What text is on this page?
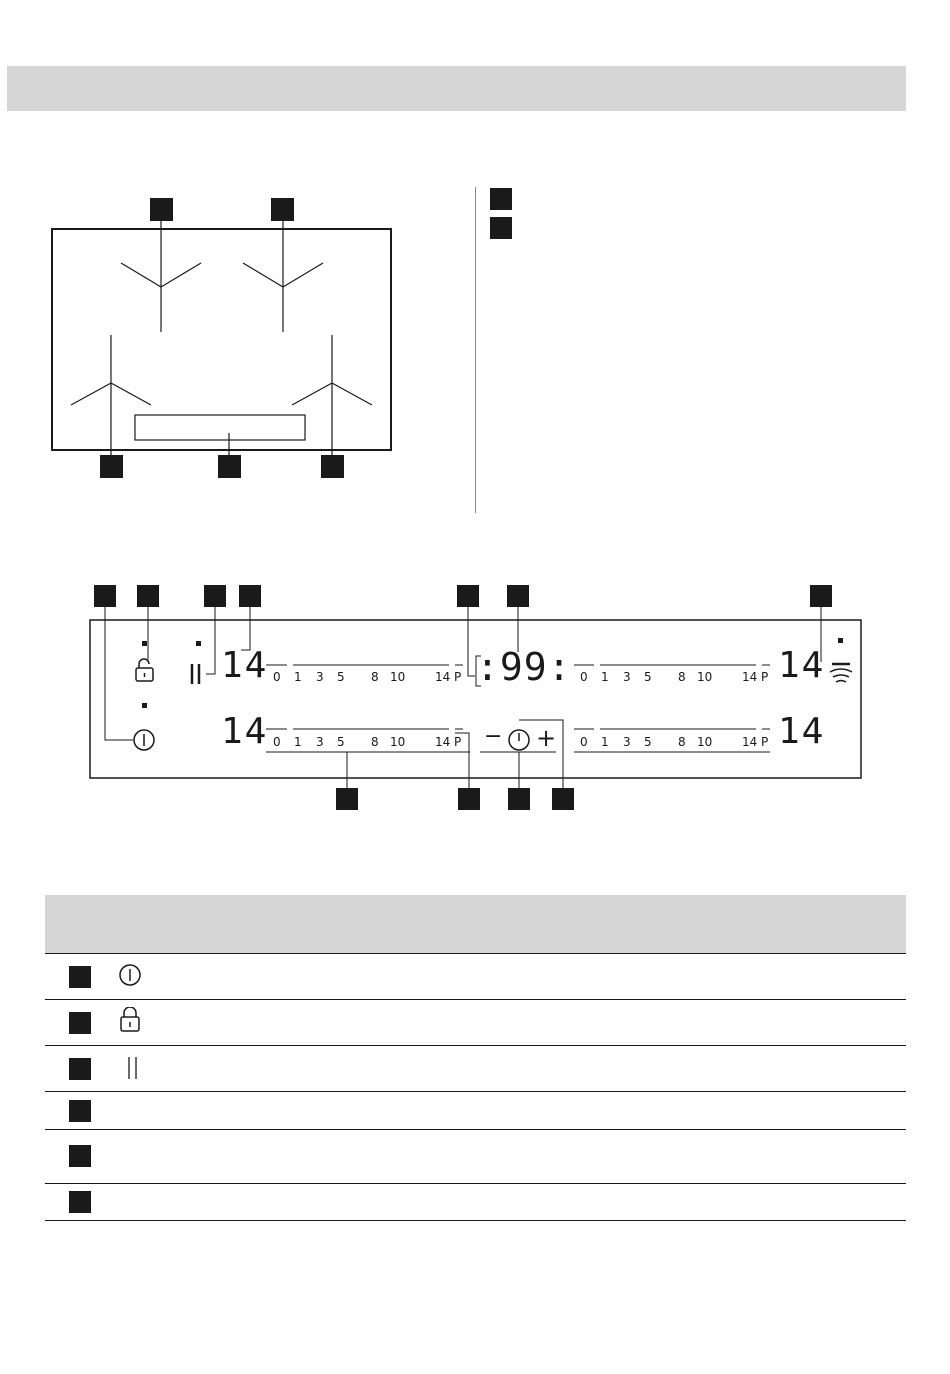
14
14
14
14
:99:
0 1 3 5 8 10 14 P
0 1 3 5 8 10 14 P
0 1 3 5 8 10 14 P
0 1 3 5 8 10 14 P
− +
